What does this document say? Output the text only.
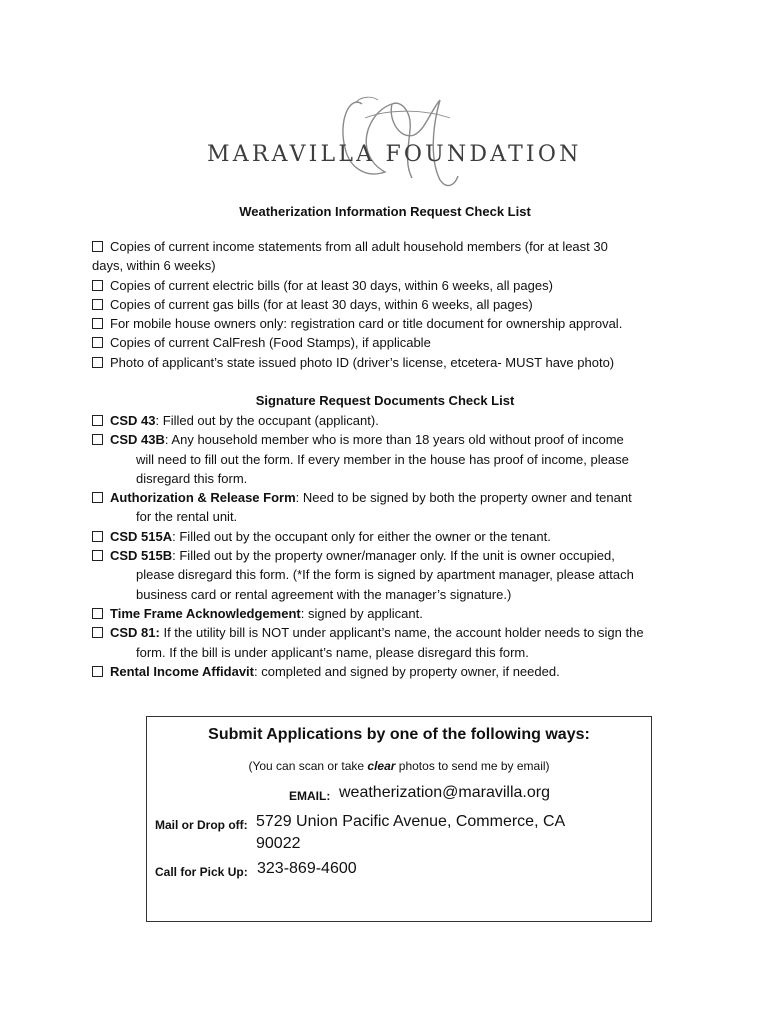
MARAVILLA FOUNDATION
Weatherization Information Request Check List
Copies of current income statements from all adult household members (for at least 30
days, within 6 weeks)
Copies of current electric bills (for at least 30 days, within 6 weeks, all pages)
Copies of current gas bills (for at least 30 days, within 6 weeks, all pages)
For mobile house owners only: registration card or title document for ownership approval.
Copies of current CalFresh (Food Stamps), if applicable
Photo of applicant’s state issued photo ID (driver’s license, etcetera- MUST have photo)
Signature Request Documents Check List
CSD 43: Filled out by the occupant (applicant).
CSD 43B: Any household member who is more than 18 years old without proof of income
will need to fill out the form. If every member in the house has proof of income, please
disregard this form.
Authorization & Release Form: Need to be signed by both the property owner and tenant
for the rental unit.
CSD 515A: Filled out by the occupant only for either the owner or the tenant.
CSD 515B: Filled out by the property owner/manager only. If the unit is owner occupied,
please disregard this form. (*If the form is signed by apartment manager, please attach
business card or rental agreement with the manager’s signature.)
Time Frame Acknowledgement: signed by applicant.
CSD 81: If the utility bill is NOT under applicant’s name, the account holder needs to sign the
form. If the bill is under applicant’s name, please disregard this form.
Rental Income Affidavit: completed and signed by property owner, if needed.
Submit Applications by one of the following ways:
(You can scan or take clear photos to send me by email)
EMAIL: weatherization@maravilla.org
Mail or Drop off: 5729 Union Pacific Avenue, Commerce, CA
90022
Call for Pick Up: 323-869-4600
